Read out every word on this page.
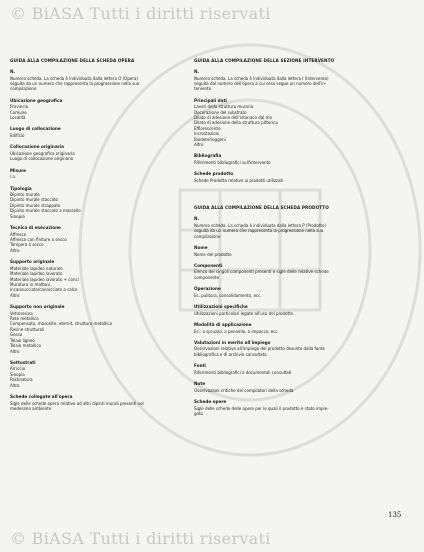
© BiASA Tutti i diritti riservati
GUIDA ALLA COMPILAZIONE DELLA SCHEDA OPERA
N.
Numero scheda. La scheda è individuata dalla lettera O (Opera)
seguita da un numero che rappresenta la progressione nella sua
compilazione
Ubicazione geografica
Provincia
Comune
Località
Luogo di collocazione
Edificio
Collocazione originaria
Ubicazione geografica originaria
Luogo di collocazione originario
Misure
l.a.
Tipologia
Dipinto murale
Dipinto murale staccato
Dipinto murale strappato
Dipinto murale staccato a massello
Sinopia
Tecnica di esecuzione
Affresco
Affresco con finiture a secco
Tempera a secco
Altro
Supporto originale
Materiale lapideo naturale
Materiale lapideo lavorato
Materiale lapideo lavorato + conci
Muratura in mattoni
Incannucciato/cannicciato a calce
Altro
Supporto non originale
Vetroresina
Rete metallica
Compensato, masonite, eternit, struttura metallica
Resine strutturali
Gesso
Telaio ligneo
Telaio metallico
Altro
Sottostrati
Arriccio
Sinopia
Pastinatura
Altro
Schede collegate all'opera
Sigle delle schede opera relative ad altri dipinti murali presenti nel
medesimo ambiente
GUIDA ALLA COMPILAZIONE DELLA SEZIONE INTERVENTO
N.
Numero scheda. La scheda è individuata dalla lettera I (Intervento)
seguita dal numero dell'opera a cui esso segue un numero dell'in-
tervento
Principali dati
Lavori della struttura muraria
Decorazione del substrato
Dilato di adesione dell'intonaco dal rilo
Dilato di adesione della struttura pittorica
Efflorescenze
Incrostazioni
Biodeterioggeni
Altro
Bibliografia
Riferimenti bibliografici sull'intervento
Schede prodotto
Schede Prodotto relative ai prodotti utilizzati
GUIDA ALLA COMPILAZIONE DELLA SCHEDA PRODOTTO
N.
Numero scheda. La scheda è individuata dalla lettera P (Prodotto)
seguita da un numero che rappresenta la progressione nella sua
compilazione
Nome
Nome del prodotto
Componenti
Elenco dei singoli componenti presenti e sigle delle relative schede
componente
Operazione
Es. pulitura, consolidamento, ecc.
Utilizzazioni specifiche
Utilizzazioni particolari legate all'uso del prodotto
Modalità di applicazione
Es.: a spruzzo, a pennello, a impacco, ecc.
Valutazioni in merito all'impiego
Osservazioni relative all'impiego del prodotto desunte dalla fonte
bibliografica e di archivio consultata
Fonti
Riferimenti bibliografici o documentali consultati
Note
Osservazioni critiche dei compilatori della scheda
Schede opere
Sigle delle schede delle opere per le quali il prodotto è stato impie-
gato
135
© BiASA Tutti i diritti riservati
